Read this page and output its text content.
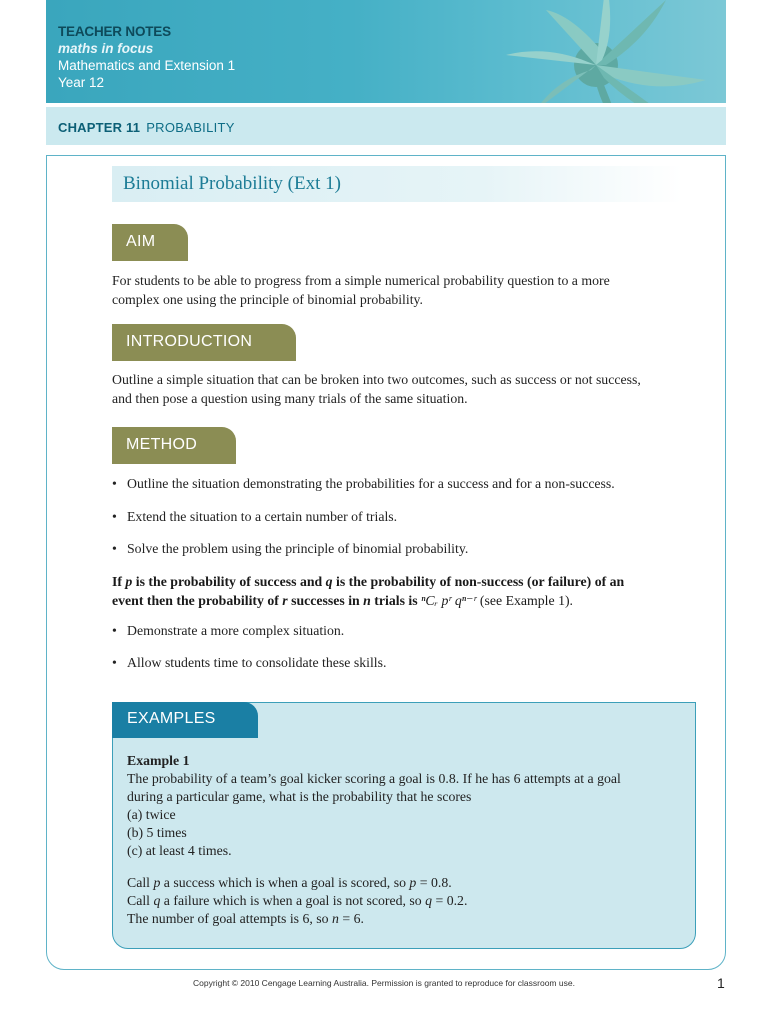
TEACHER NOTES
maths in focus
Mathematics and Extension 1
Year 12
CHAPTER 11 PROBABILITY
Binomial Probability (Ext 1)
AIM
For students to be able to progress from a simple numerical probability question to a more
complex one using the principle of binomial probability.
INTRODUCTION
Outline a simple situation that can be broken into two outcomes, such as success or not success,
and then pose a question using many trials of the same situation.
METHOD
• Outline the situation demonstrating the probabilities for a success and for a non-success.
• Extend the situation to a certain number of trials.
• Solve the problem using the principle of binomial probability.
If p is the probability of success and q is the probability of non-success (or failure) of an
event then the probability of r successes in n trials is ⁿCᵣ pʳ qⁿ⁻ʳ (see Example 1).
• Demonstrate a more complex situation.
• Allow students time to consolidate these skills.
EXAMPLES
Example 1
The probability of a team’s goal kicker scoring a goal is 0.8. If he has 6 attempts at a goal
during a particular game, what is the probability that he scores
(a) twice
(b) 5 times
(c) at least 4 times.
Call p a success which is when a goal is scored, so p = 0.8.
Call q a failure which is when a goal is not scored, so q = 0.2.
The number of goal attempts is 6, so n = 6.
Copyright © 2010 Cengage Learning Australia. Permission is granted to reproduce for classroom use.	1
